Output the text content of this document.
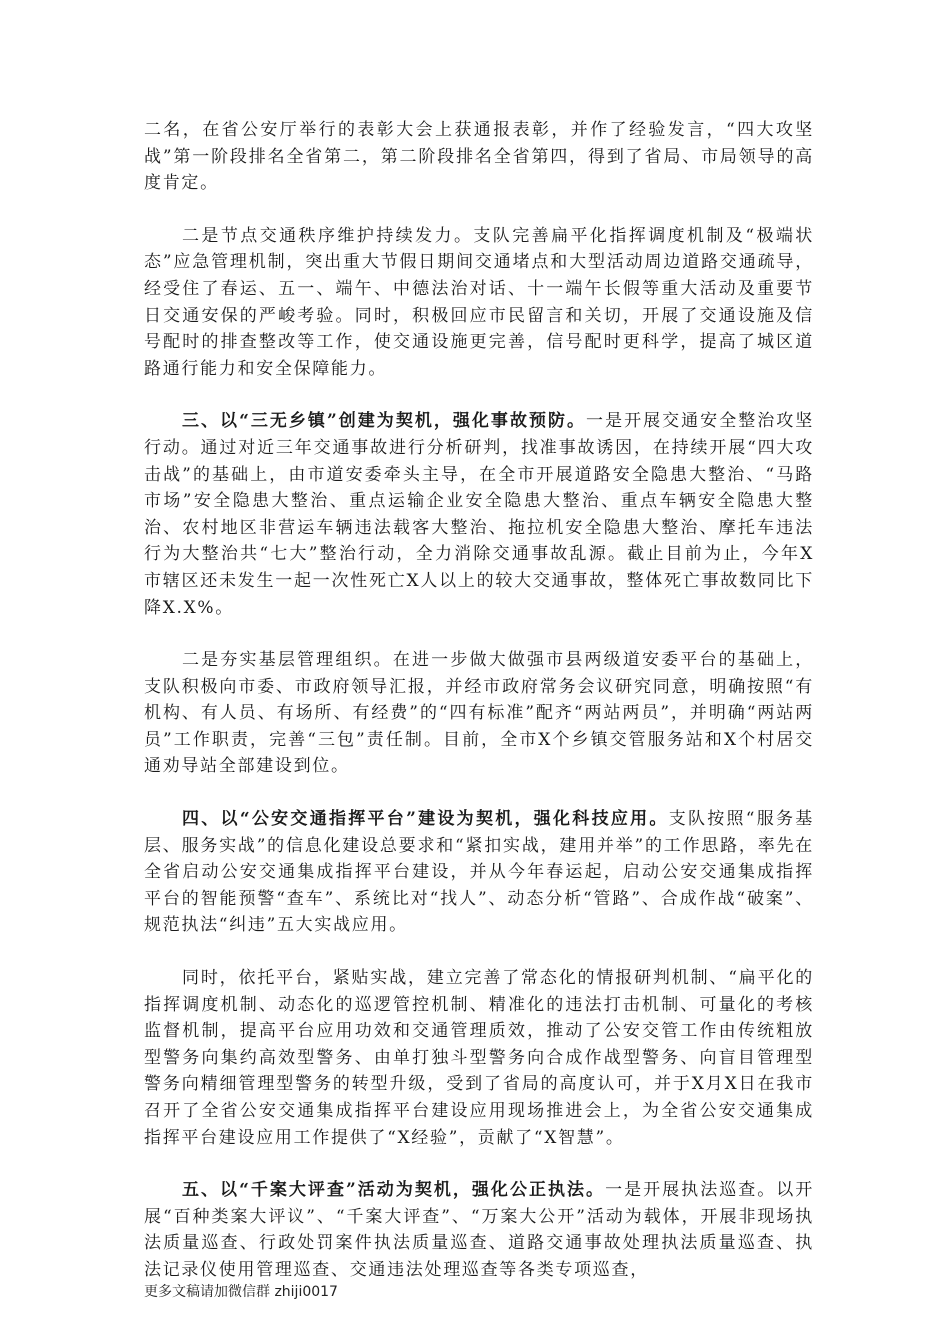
二名，在省公安厅举行的表彰大会上获通报表彰，并作了经验发言，“四大攻坚战”第一阶段排名全省第二，第二阶段排名全省第四，得到了省局、市局领导的高度肯定。

二是节点交通秩序维护持续发力。支队完善扁平化指挥调度机制及“极端状态”应急管理机制，突出重大节假日期间交通堵点和大型活动周边道路交通疏导，经受住了春运、五一、端午、中德法治对话、十一端午长假等重大活动及重要节日交通安保的严峻考验。同时，积极回应市民留言和关切，开展了交通设施及信号配时的排查整改等工作，使交通设施更完善，信号配时更科学，提高了城区道路通行能力和安全保障能力。

三、以“三无乡镇”创建为契机，强化事故预防。一是开展交通安全整治攻坚行动。通过对近三年交通事故进行分析研判，找准事故诱因，在持续开展“四大攻击战”的基础上，由市道安委牵头主导，在全市开展道路安全隐患大整治、“马路市场”安全隐患大整治、重点运输企业安全隐患大整治、重点车辆安全隐患大整治、农村地区非营运车辆违法载客大整治、拖拉机安全隐患大整治、摩托车违法行为大整治共“七大”整治行动，全力消除交通事故乱源。截止目前为止，今年X市辖区还未发生一起一次性死亡X人以上的较大交通事故，整体死亡事故数同比下降X.X%。

二是夯实基层管理组织。在进一步做大做强市县两级道安委平台的基础上，支队积极向市委、市政府领导汇报，并经市政府常务会议研究同意，明确按照“有机构、有人员、有场所、有经费”的“四有标准”配齐“两站两员”，并明确“两站两员”工作职责，完善“三包”责任制。目前，全市X个乡镇交管服务站和X个村居交通劝导站全部建设到位。

四、以“公安交通指挥平台”建设为契机，强化科技应用。支队按照“服务基层、服务实战”的信息化建设总要求和“紧扣实战，建用并举”的工作思路，率先在全省启动公安交通集成指挥平台建设，并从今年春运起，启动公安交通集成指挥平台的智能预警“查车”、系统比对“找人”、动态分析“管路”、合成作战“破案”、规范执法“纠违”五大实战应用。

同时，依托平台，紧贴实战，建立完善了常态化的情报研判机制、“扁平化的指挥调度机制、动态化的巡逻管控机制、精准化的违法打击机制、可量化的考核监督机制，提高平台应用功效和交通管理质效，推动了公安交管工作由传统粗放型警务向集约高效型警务、由单打独斗型警务向合成作战型警务、向盲目管理型警务向精细管理型警务的转型升级，受到了省局的高度认可，并于X月X日在我市召开了全省公安交通集成指挥平台建设应用现场推进会上，为全省公安交通集成指挥平台建设应用工作提供了“X经验”，贡献了“X智慧”。

五、以“千案大评查”活动为契机，强化公正执法。一是开展执法巡查。以开展“百种类案大评议”、“千案大评查”、“万案大公开”活动为载体，开展非现场执法质量巡查、行政处罚案件执法质量巡查、道路交通事故处理执法质量巡查、执法记录仪使用管理巡查、交通违法处理巡查等各类专项巡查，

更多文稿请加微信群 zhiji0017
